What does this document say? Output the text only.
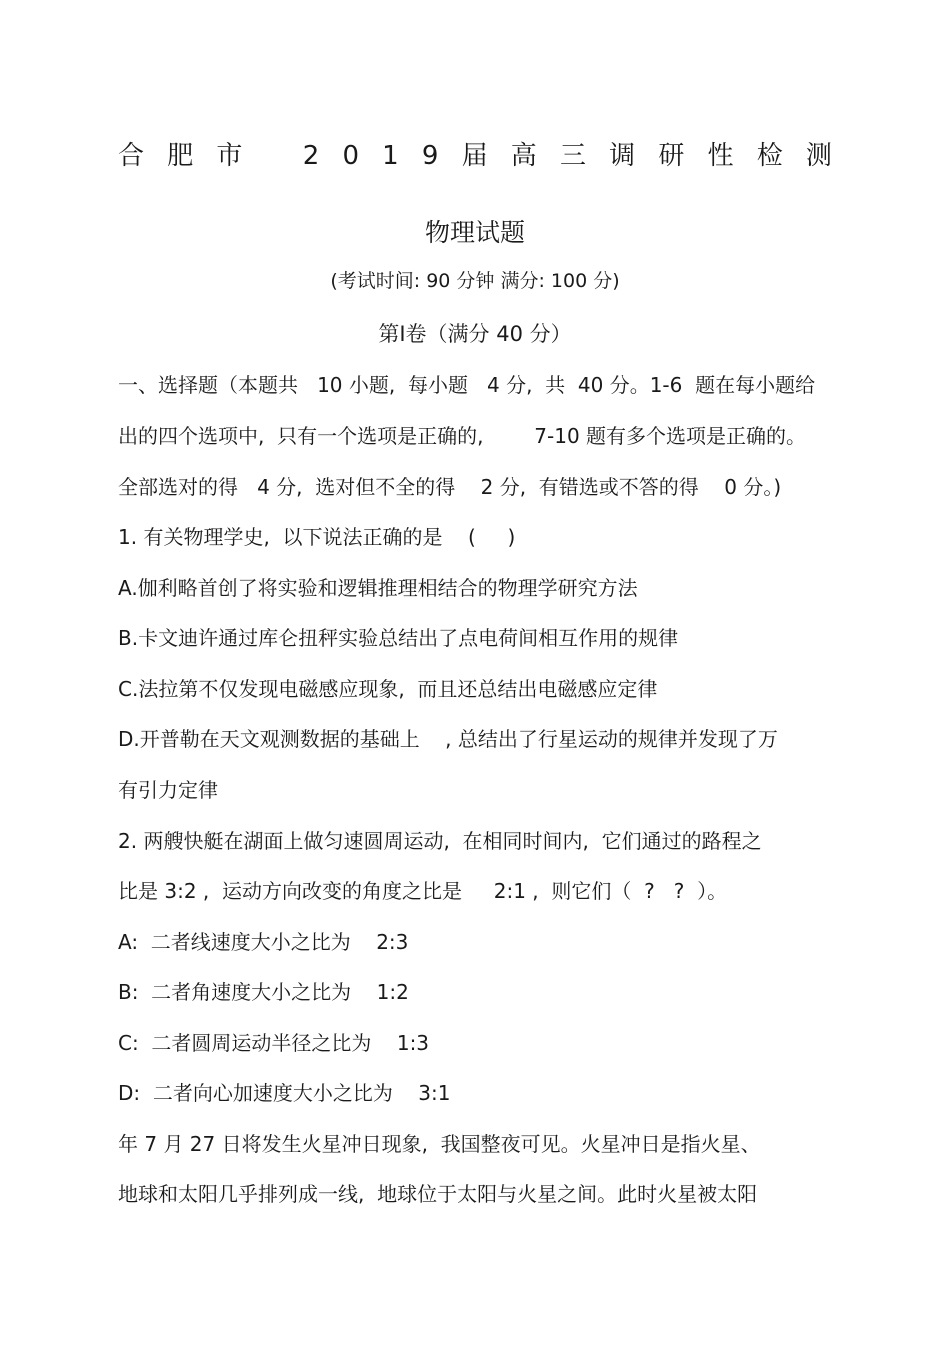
合 肥 市 2 0 1 9 届 高 三 调 研 性 检 测
物理试题
(考试时间: 90 分钟 满分: 100 分)
第Ⅰ卷（满分 40 分）
一、选择题（本题共   10 小题,  每小题   4 分,  共  40 分。1-6  题在每小题给
出的四个选项中,  只有一个选项是正确的,        7-10 题有多个选项是正确的。
全部选对的得   4 分,  选对但不全的得    2 分,  有错选或不答的得    0 分。)
1. 有关物理学史,  以下说法正确的是    (     )
A.伽利略首创了将实验和逻辑推理相结合的物理学研究方法
B.卡文迪许通过库仑扭秤实验总结出了点电荷间相互作用的规律
C.法拉第不仅发现电磁感应现象,  而且还总结出电磁感应定律
D.开普勒在天文观测数据的基础上    , 总结出了行星运动的规律并发现了万
有引力定律
2. 两艘快艇在湖面上做匀速圆周运动,  在相同时间内,  它们通过的路程之
比是 3:2 ,  运动方向改变的角度之比是     2:1 ,  则它们（  ?   ?  ）。
A:  二者线速度大小之比为    2:3
B:  二者角速度大小之比为    1:2
C:  二者圆周运动半径之比为    1:3
D:  二者向心加速度大小之比为    3:1
年 7 月 27 日将发生火星冲日现象,  我国整夜可见。火星冲日是指火星、
地球和太阳几乎排列成一线,  地球位于太阳与火星之间。此时火星被太阳
